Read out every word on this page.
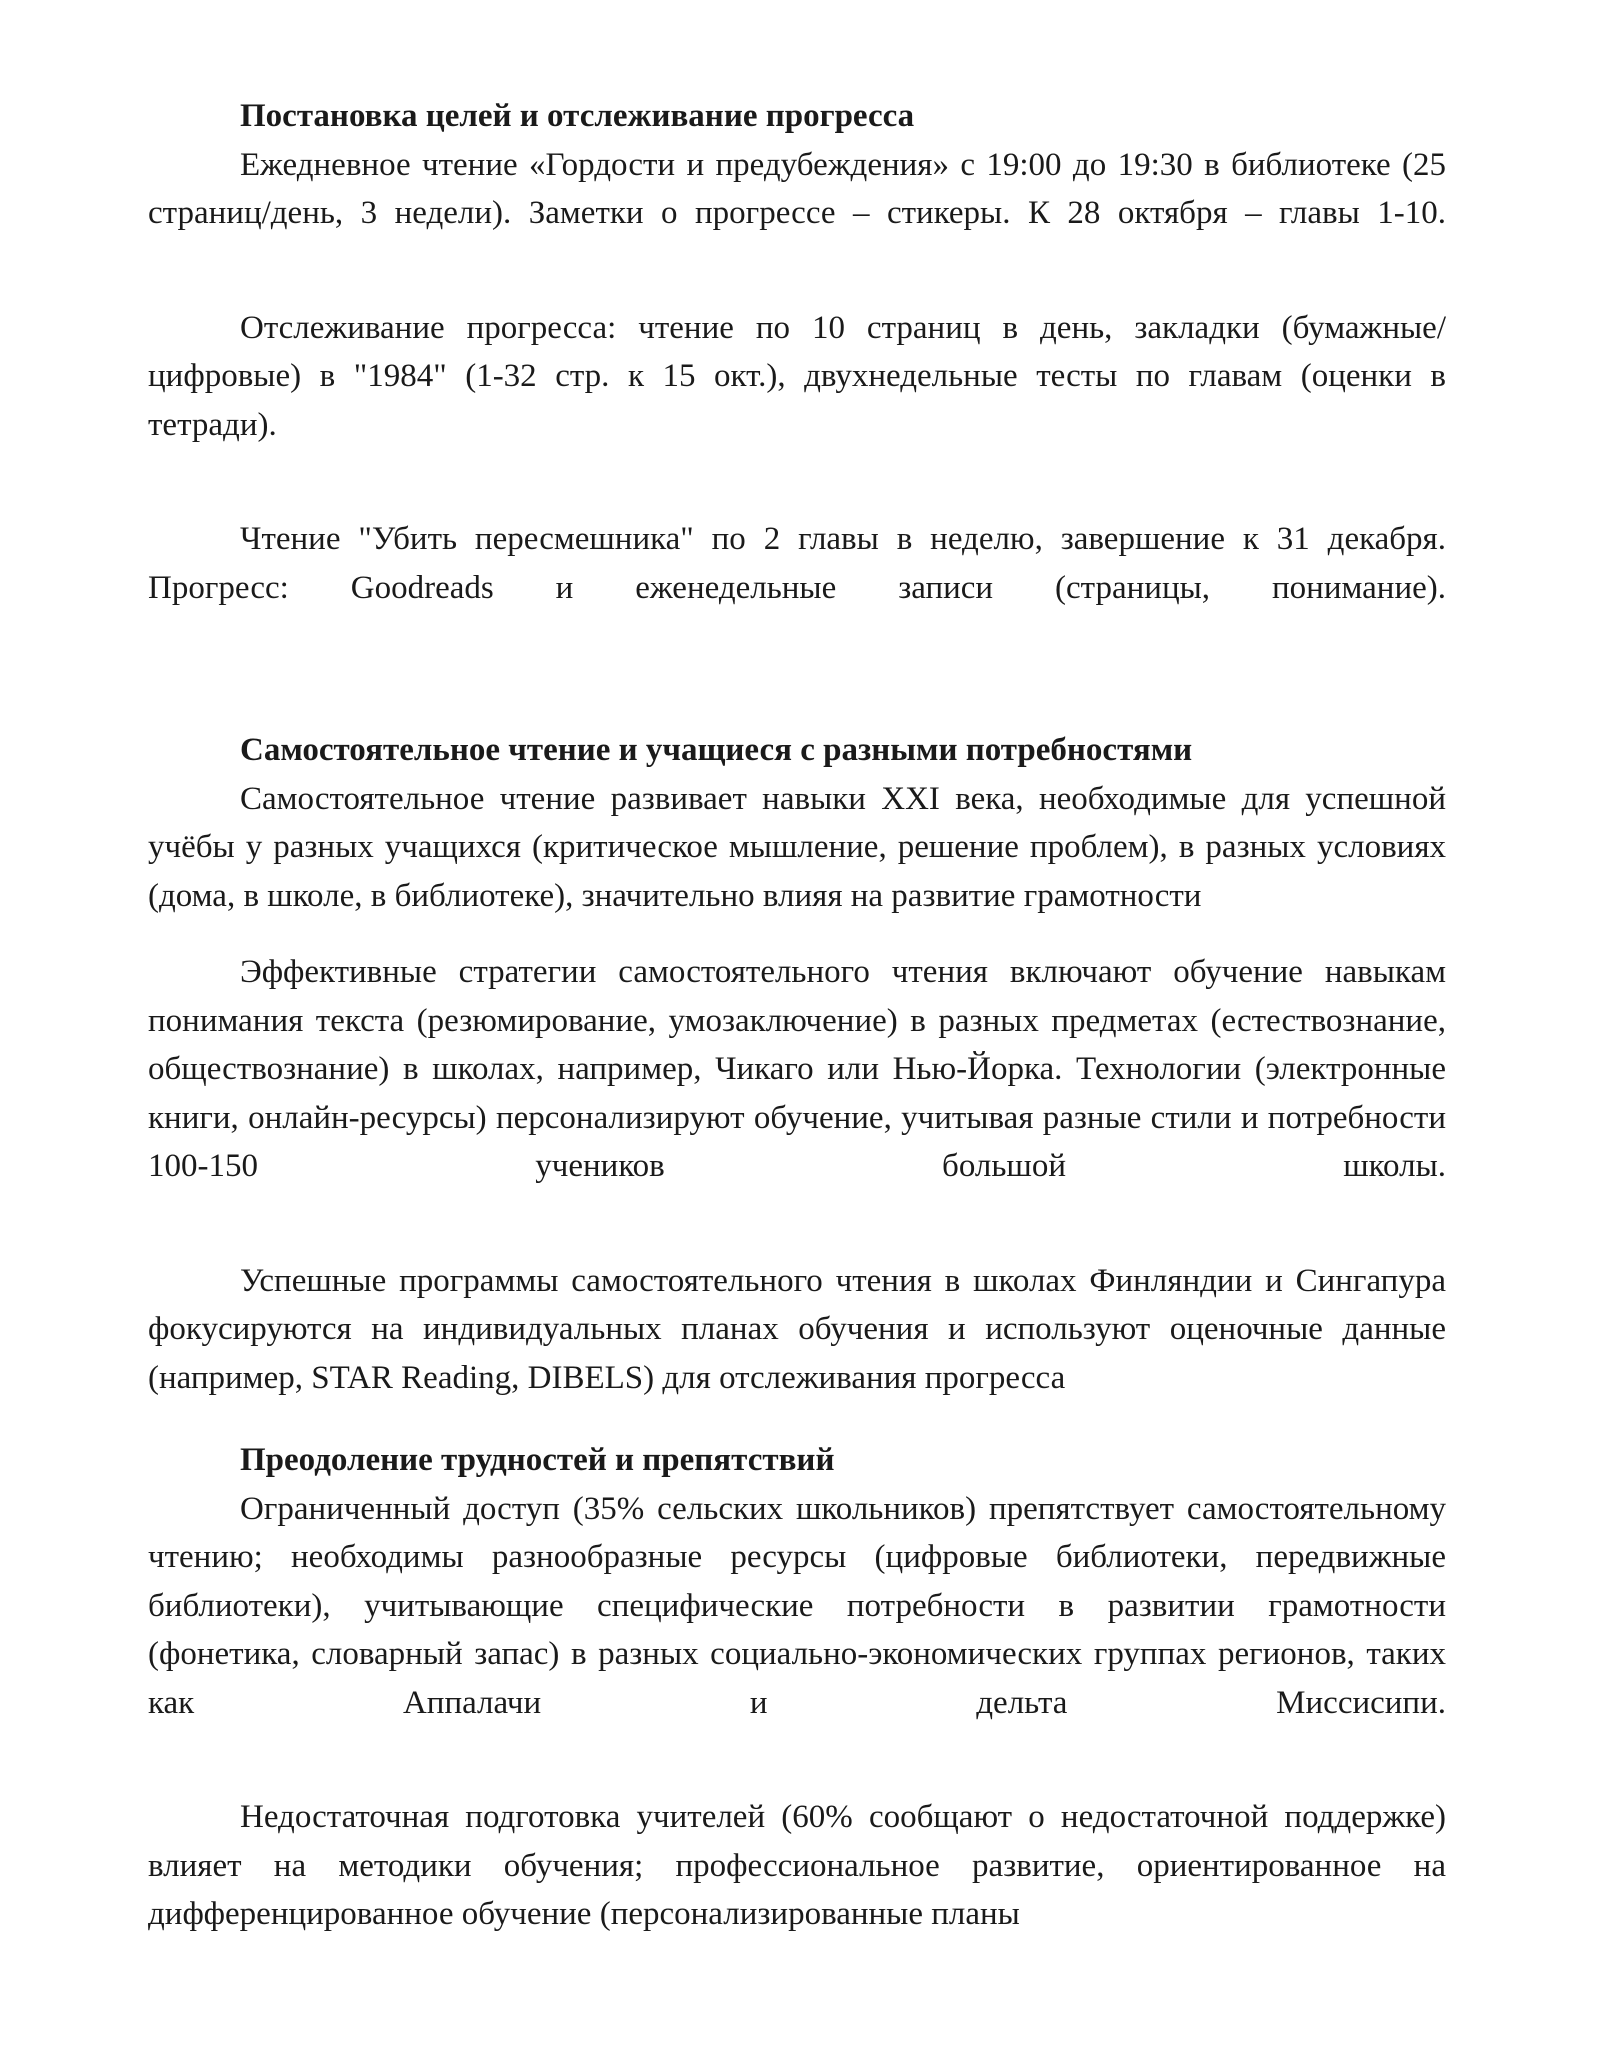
Постановка целей и отслеживание прогресса

Ежедневное чтение «Гордости и предубеждения» с 19:00 до 19:30 в библиотеке (25 страниц/день, 3 недели). Заметки о прогрессе – стикеры. К 28 октября – главы 1-10.

Отслеживание прогресса: чтение по 10 страниц в день, закладки (бумажные/цифровые) в "1984" (1-32 стр. к 15 окт.), двухнедельные тесты по главам (оценки в тетради).

Чтение "Убить пересмешника" по 2 главы в неделю, завершение к 31 декабря. Прогресс: Goodreads и еженедельные записи (страницы, понимание).

Самостоятельное чтение и учащиеся с разными потребностями

Самостоятельное чтение развивает навыки XXI века, необходимые для успешной учёбы у разных учащихся (критическое мышление, решение проблем), в разных условиях (дома, в школе, в библиотеке), значительно влияя на развитие грамотности

Эффективные стратегии самостоятельного чтения включают обучение навыкам понимания текста (резюмирование, умозаключение) в разных предметах (естествознание, обществознание) в школах, например, Чикаго или Нью-Йорка. Технологии (электронные книги, онлайн-ресурсы) персонализируют обучение, учитывая разные стили и потребности 100-150 учеников большой школы.

Успешные программы самостоятельного чтения в школах Финляндии и Сингапура фокусируются на индивидуальных планах обучения и используют оценочные данные (например, STAR Reading, DIBELS) для отслеживания прогресса

Преодоление трудностей и препятствий

Ограниченный доступ (35% сельских школьников) препятствует самостоятельному чтению; необходимы разнообразные ресурсы (цифровые библиотеки, передвижные библиотеки), учитывающие специфические потребности в развитии грамотности (фонетика, словарный запас) в разных социально-экономических группах регионов, таких как Аппалачи и дельта Миссисипи.

Недостаточная подготовка учителей (60% сообщают о недостаточной поддержке) влияет на методики обучения; профессиональное развитие, ориентированное на дифференцированное обучение (персонализированные планы
